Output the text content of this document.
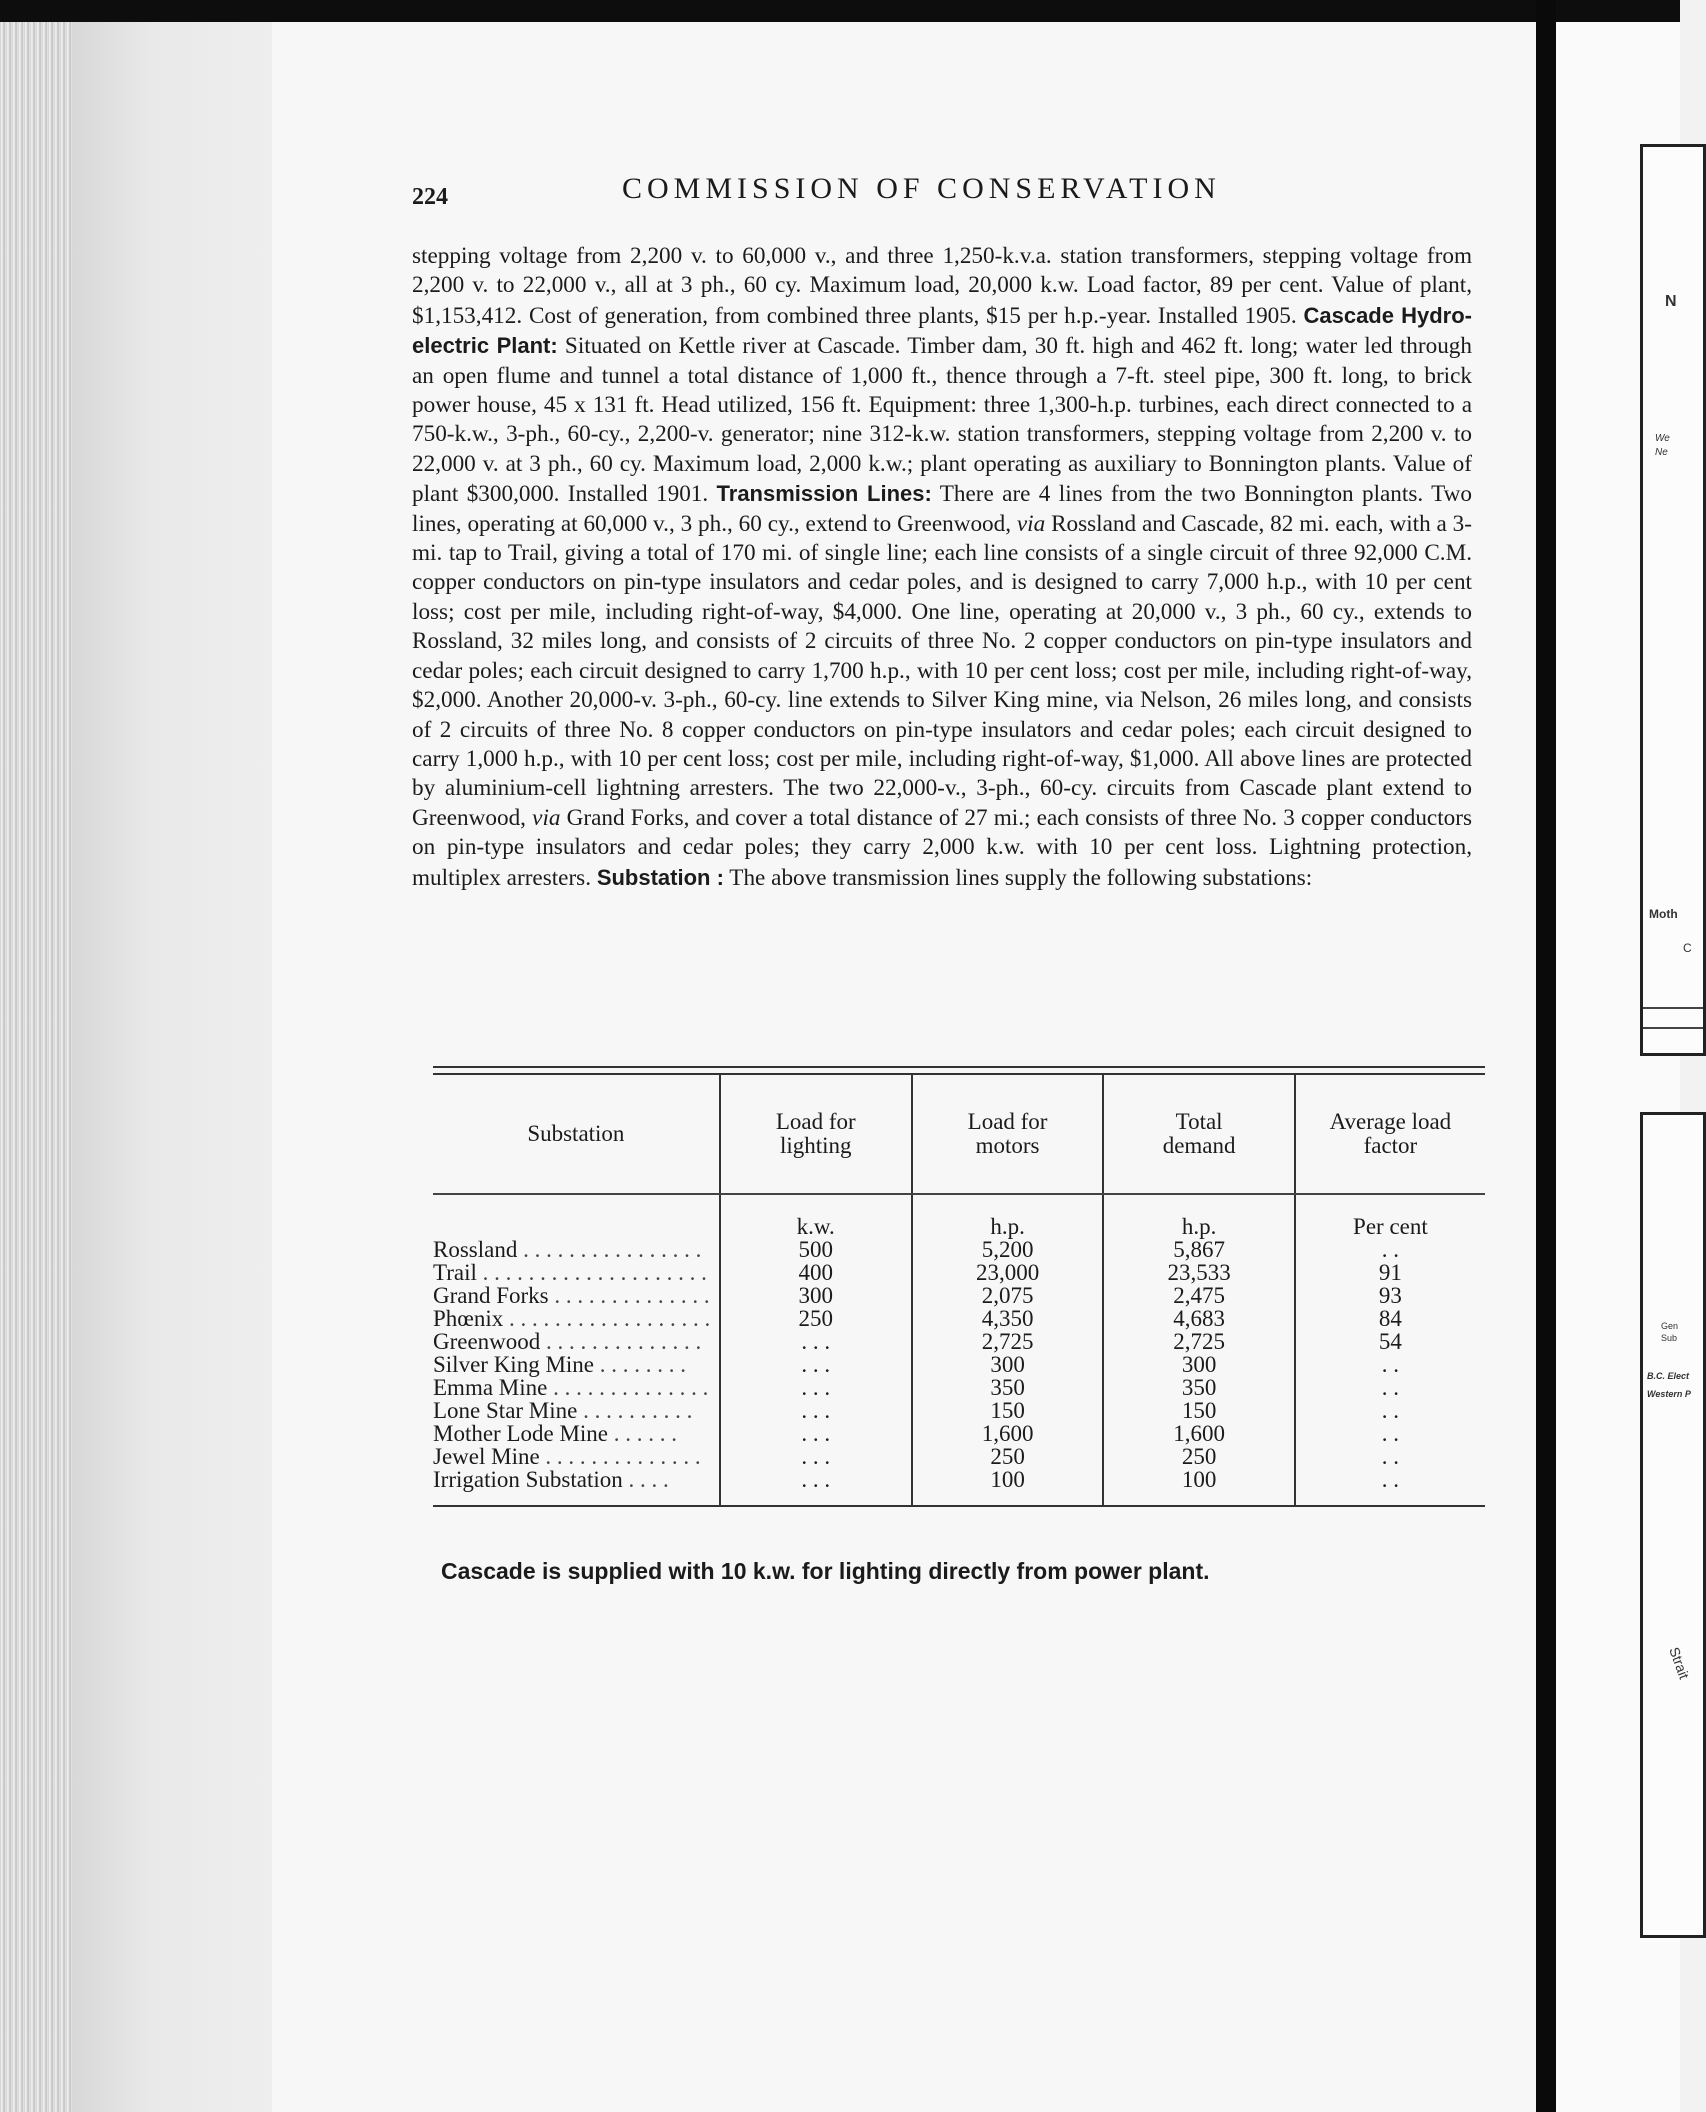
224	COMMISSION OF CONSERVATION

stepping voltage from 2,200 v. to 60,000 v., and three 1,250-k.v.a. station transformers, stepping voltage from 2,200 v. to 22,000 v., all at 3 ph., 60 cy. Maximum load, 20,000 k.w. Load factor, 89 per cent. Value of plant, $1,153,412. Cost of generation, from combined three plants, $15 per h.p.-year. Installed 1905. Cascade Hydro-electric Plant: Situated on Kettle river at Cascade. Timber dam, 30 ft. high and 462 ft. long; water led through an open flume and tunnel a total distance of 1,000 ft., thence through a 7-ft. steel pipe, 300 ft. long, to brick power house, 45 x 131 ft. Head utilized, 156 ft. Equipment: three 1,300-h.p. turbines, each direct connected to a 750-k.w., 3-ph., 60-cy., 2,200-v. generator; nine 312-k.w. station transformers, stepping voltage from 2,200 v. to 22,000 v. at 3 ph., 60 cy. Maximum load, 2,000 k.w.; plant operating as auxiliary to Bonnington plants. Value of plant $300,000. Installed 1901. Transmission Lines: There are 4 lines from the two Bonnington plants. Two lines, operating at 60,000 v., 3 ph., 60 cy., extend to Greenwood, via Rossland and Cascade, 82 mi. each, with a 3-mi. tap to Trail, giving a total of 170 mi. of single line; each line consists of a single circuit of three 92,000 C.M. copper conductors on pin-type insulators and cedar poles, and is designed to carry 7,000 h.p., with 10 per cent loss; cost per mile, including right-of-way, $4,000. One line, operating at 20,000 v., 3 ph., 60 cy., extends to Rossland, 32 miles long, and consists of 2 circuits of three No. 2 copper conductors on pin-type insulators and cedar poles; each circuit designed to carry 1,700 h.p., with 10 per cent loss; cost per mile, including right-of-way, $2,000. Another 20,000-v. 3-ph., 60-cy. line extends to Silver King mine, via Nelson, 26 miles long, and consists of 2 circuits of three No. 8 copper conductors on pin-type insulators and cedar poles; each circuit designed to carry 1,000 h.p., with 10 per cent loss; cost per mile, including right-of-way, $1,000. All above lines are protected by aluminium-cell lightning arresters. The two 22,000-v., 3-ph., 60-cy. circuits from Cascade plant extend to Greenwood, via Grand Forks, and cover a total distance of 27 mi.; each consists of three No. 3 copper conductors on pin-type insulators and cedar poles; they carry 2,000 k.w. with 10 per cent loss. Lightning protection, multiplex arresters. Substation : The above transmission lines supply the following substations:

Substation	Load for lighting	Load for motors	Total demand	Average load factor

	k.w.	h.p.	h.p.	Per cent
Rossland . . . . . . . . . . . . . . . .	500	5,200	5,867	. .
Trail . . . . . . . . . . . . . . . . . . . .	400	23,000	23,533	91
Grand Forks . . . . . . . . . . . . . .	300	2,075	2,475	93
Phœnix . . . . . . . . . . . . . . . . . .	250	4,350	4,683	84
Greenwood . . . . . . . . . . . . . .	. . .	2,725	2,725	54
Silver King Mine . . . . . . . .	. . .	300	300	. .
Emma Mine . . . . . . . . . . . . . .	. . .	350	350	. .
Lone Star Mine . . . . . . . . . .	. . .	150	150	. .
Mother Lode Mine . . . . . .	. . .	1,600	1,600	. .
Jewel Mine . . . . . . . . . . . . . .	. . .	250	250	. .
Irrigation Substation . . . .	. . .	100	100	. .

Cascade is supplied with 10 k.w. for lighting directly from power plant.
N
We
Ne
Moth
C
Gen
Sub
B.C. Elect
Western P
Strait
